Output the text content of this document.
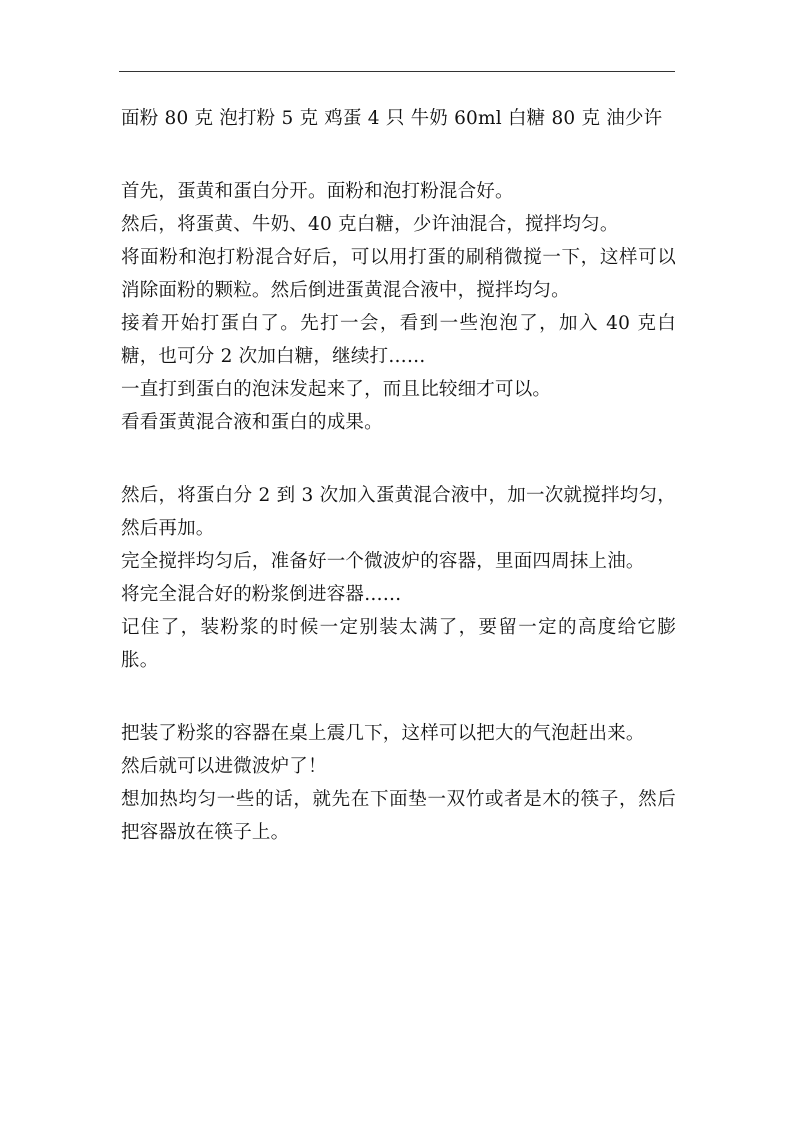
面粉 80 克 泡打粉 5 克 鸡蛋 4 只 牛奶 60ml 白糖 80 克 油少许

首先，蛋黄和蛋白分开。面粉和泡打粉混合好。

然后，将蛋黄、牛奶、40 克白糖，少许油混合，搅拌均匀。

将面粉和泡打粉混合好后，可以用打蛋的刷稍微搅一下，这样可以消除面粉的颗粒。然后倒进蛋黄混合液中，搅拌均匀。

接着开始打蛋白了。先打一会，看到一些泡泡了，加入 40 克白糖，也可分 2 次加白糖，继续打……

一直打到蛋白的泡沫发起来了，而且比较细才可以。

看看蛋黄混合液和蛋白的成果。

然后，将蛋白分 2 到 3 次加入蛋黄混合液中，加一次就搅拌均匀，然后再加。

完全搅拌均匀后，准备好一个微波炉的容器，里面四周抹上油。

将完全混合好的粉浆倒进容器……

记住了，装粉浆的时候一定别装太满了，要留一定的高度给它膨胀。

把装了粉浆的容器在桌上震几下，这样可以把大的气泡赶出来。

然后就可以进微波炉了！

想加热均匀一些的话，就先在下面垫一双竹或者是木的筷子，然后把容器放在筷子上。
